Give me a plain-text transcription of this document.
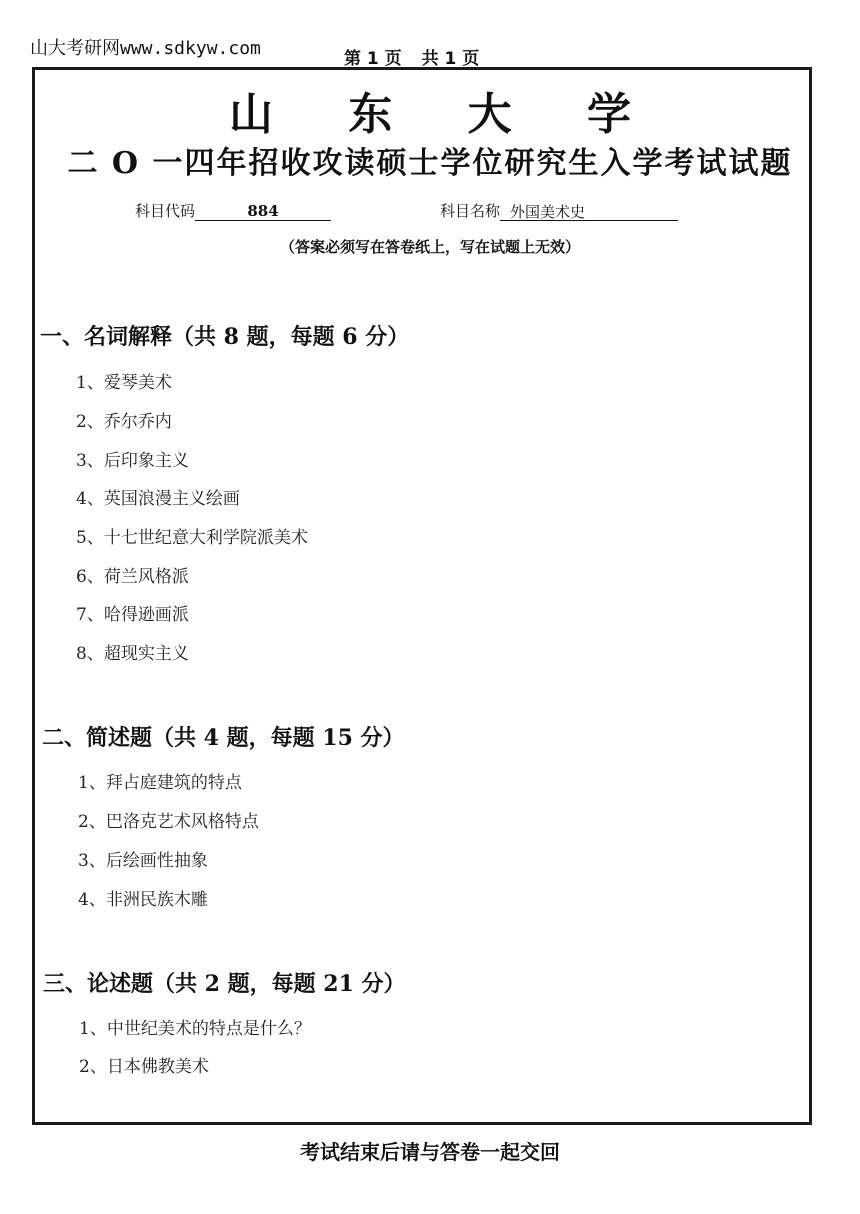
山大考研网www.sdkyw.com	第 1 页 共 1 页
山 东 大 学
二 O 一四年招收攻读硕士学位研究生入学考试试题
科目代码	884	科目名称 外国美术史
（答案必须写在答卷纸上，写在试题上无效）
一、名词解释（共 8 题，每题 6 分）
1、爱琴美术
2、乔尔乔内
3、后印象主义
4、英国浪漫主义绘画
5、十七世纪意大利学院派美术
6、荷兰风格派
7、哈得逊画派
8、超现实主义
二、简述题（共 4 题，每题 15 分）
1、拜占庭建筑的特点
2、巴洛克艺术风格特点
3、后绘画性抽象
4、非洲民族木雕
三、论述题（共 2 题，每题 21 分）
1、中世纪美术的特点是什么？
2、日本佛教美术
考试结束后请与答卷一起交回
